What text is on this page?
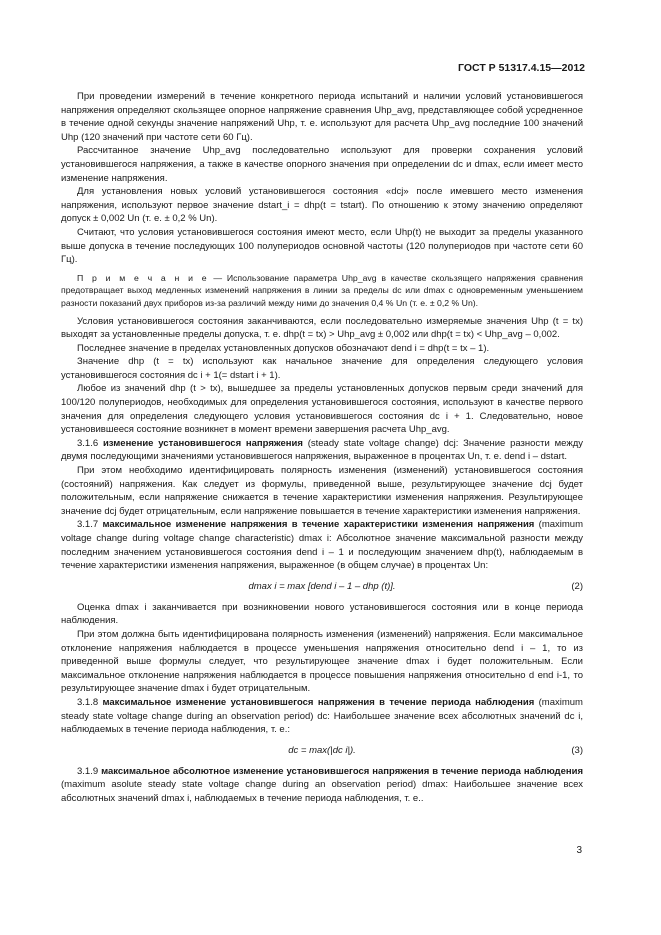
ГОСТ Р 51317.4.15—2012

При проведении измерений в течение конкретного периода испытаний и наличии условий установившегося напряжения определяют скользящее опорное напряжение сравнения Uhp_avg, представляющее собой усредненное в течение одной секунды значение напряжений Uhp, т. е. используют для расчета Uhp_avg последние 100 значений Uhp (120 значений при частоте сети 60 Гц).

Рассчитанное значение Uhp_avg последовательно используют для проверки сохранения условий установившегося напряжения, а также в качестве опорного значения при определении dc и dmax, если имеет место изменение напряжения.

Для установления новых условий установившегося состояния «dcj» после имевшего место изменения напряжения, используют первое значение dstart_i = dhp(t = tstart). По отношению к этому значению определяют допуск ± 0,002 Un (т. е. ± 0,2 % Un).

Считают, что условия установившегося состояния имеют место, если Uhp(t) не выходит за пределы указанного выше допуска в течение последующих 100 полупериодов основной частоты (120 полупериодов при частоте сети 60 Гц).

П р и м е ч а н и е — Использование параметра Uhp_avg в качестве скользящего напряжения сравнения предотвращает выход медленных изменений напряжения в линии за пределы dc или dmax с одновременным уменьшением разности показаний двух приборов из-за различий между ними до значения 0,4 % Un (т. е. ± 0,2 % Un).

Условия установившегося состояния заканчиваются, если последовательно измеряемые значения Uhp (t = tx) выходят за установленные пределы допуска, т. е. dhp(t = tx) > Uhp_avg ± 0,002 или dhp(t = tx) < Uhp_avg – 0,002.

Последнее значение в пределах установленных допусков обозначают dend i = dhp(t = tx – 1).

Значение dhp (t = tx) используют как начальное значение для определения следующего условия установившегося состояния dc i + 1(= dstart i + 1).

Любое из значений dhp (t > tx), вышедшее за пределы установленных допусков первым среди значений для 100/120 полупериодов, необходимых для определения установившегося состояния, используют в качестве первого значения для определения следующего условия установившегося состояния dc i + 1. Следовательно, новое установившееся состояние возникнет в момент времени завершения расчета Uhp_avg.

3.1.6 изменение установившегося напряжения (steady state voltage change) dcj: Значение разности между двумя последующими значениями установившегося напряжения, выраженное в процентах Un, т. е. dend i – dstart.

При этом необходимо идентифицировать полярность изменения (изменений) установившегося состояния (состояний) напряжения. Как следует из формулы, приведенной выше, результирующее значение dcj будет положительным, если напряжение снижается в течение характеристики изменения напряжения. Результирующее значение dcj будет отрицательным, если напряжение повышается в течение характеристики изменения напряжения.

3.1.7 максимальное изменение напряжения в течение характеристики изменения напряжения (maximum voltage change during voltage change characteristic) dmax i: Абсолютное значение максимальной разности между последним значением установившегося состояния dend i – 1 и последующим значением dhp(t), наблюдаемым в течение характеристики изменения напряжения, выраженное (в общем случае) в процентах Un:

dmax i = max [dend i – 1 – dhp (t)].	(2)

Оценка dmax i заканчивается при возникновении нового установившегося состояния или в конце периода наблюдения.

При этом должна быть идентифицирована полярность изменения (изменений) напряжения. Если максимальное отклонение напряжения наблюдается в процессе уменьшения напряжения относительно dend i – 1, то из приведенной выше формулы следует, что результирующее значение dmax i будет положительным. Если максимальное отклонение напряжения наблюдается в процессе повышения напряжения относительно d end i-1, то результирующее значение dmax i будет отрицательным.

3.1.8 максимальное изменение установившегося напряжения в течение периода наблюдения (maximum steady state voltage change during an observation period) dc: Наибольшее значение всех абсолютных значений dc i, наблюдаемых в течение периода наблюдения, т. е.:

dc = max(|dc i|).	(3)

3.1.9 максимальное абсолютное изменение установившегося напряжения в течение периода наблюдения (maximum asolute steady state voltage change during an observation period) dmax: Наибольшее значение всех абсолютных значений dmax i, наблюдаемых в течение периода наблюдения, т. е..

3
